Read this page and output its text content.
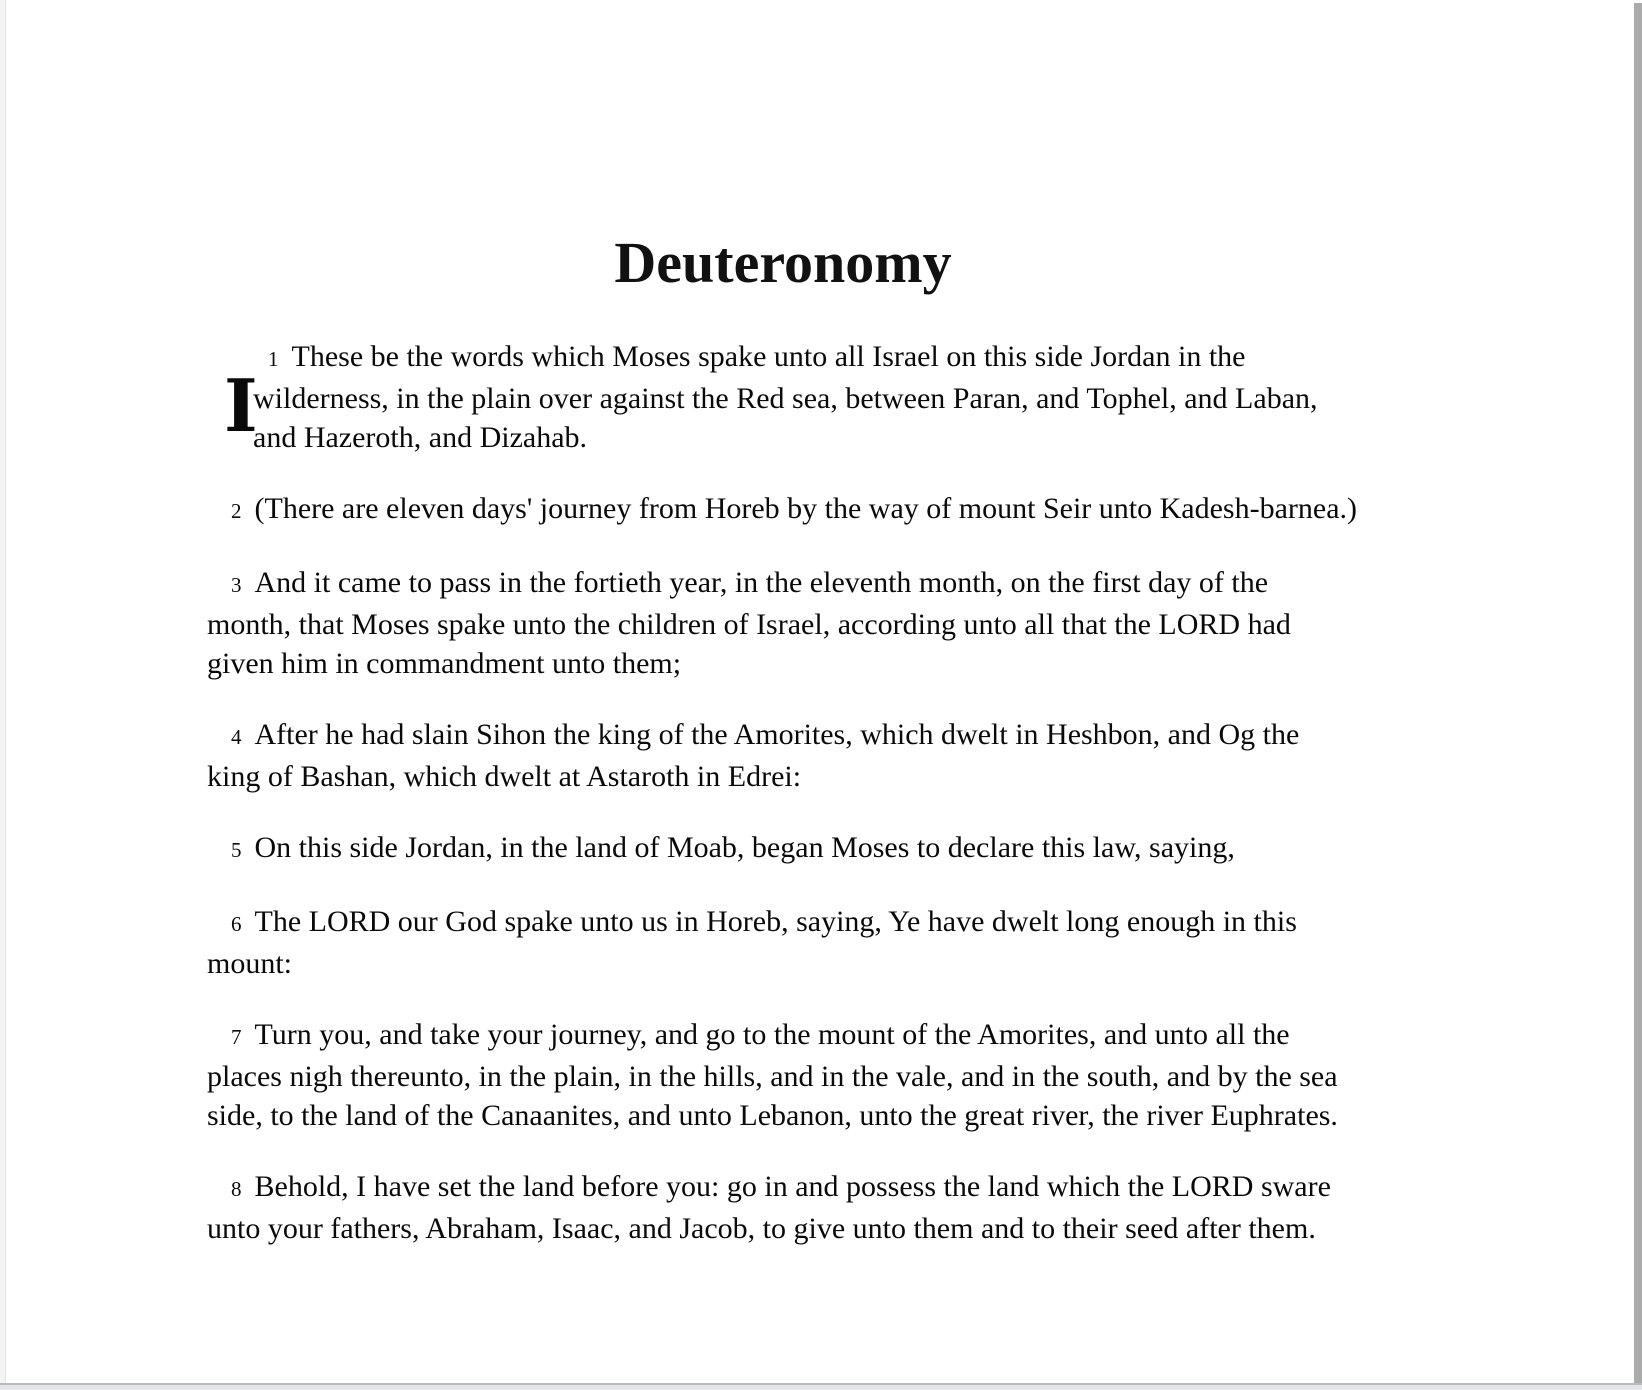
Deuteronomy

I
1 These be the words which Moses spake unto all Israel on this side Jordan in the wilderness, in the plain over against the Red sea, between Paran, and Tophel, and Laban, and Hazeroth, and Dizahab.

2 (There are eleven days' journey from Horeb by the way of mount Seir unto Kadesh-barnea.)

3 And it came to pass in the fortieth year, in the eleventh month, on the first day of the month, that Moses spake unto the children of Israel, according unto all that the LORD had given him in commandment unto them;

4 After he had slain Sihon the king of the Amorites, which dwelt in Heshbon, and Og the king of Bashan, which dwelt at Astaroth in Edrei:

5 On this side Jordan, in the land of Moab, began Moses to declare this law, saying,

6 The LORD our God spake unto us in Horeb, saying, Ye have dwelt long enough in this mount:

7 Turn you, and take your journey, and go to the mount of the Amorites, and unto all the places nigh thereunto, in the plain, in the hills, and in the vale, and in the south, and by the sea side, to the land of the Canaanites, and unto Lebanon, unto the great river, the river Euphrates.

8 Behold, I have set the land before you: go in and possess the land which the LORD sware unto your fathers, Abraham, Isaac, and Jacob, to give unto them and to their seed after them.
